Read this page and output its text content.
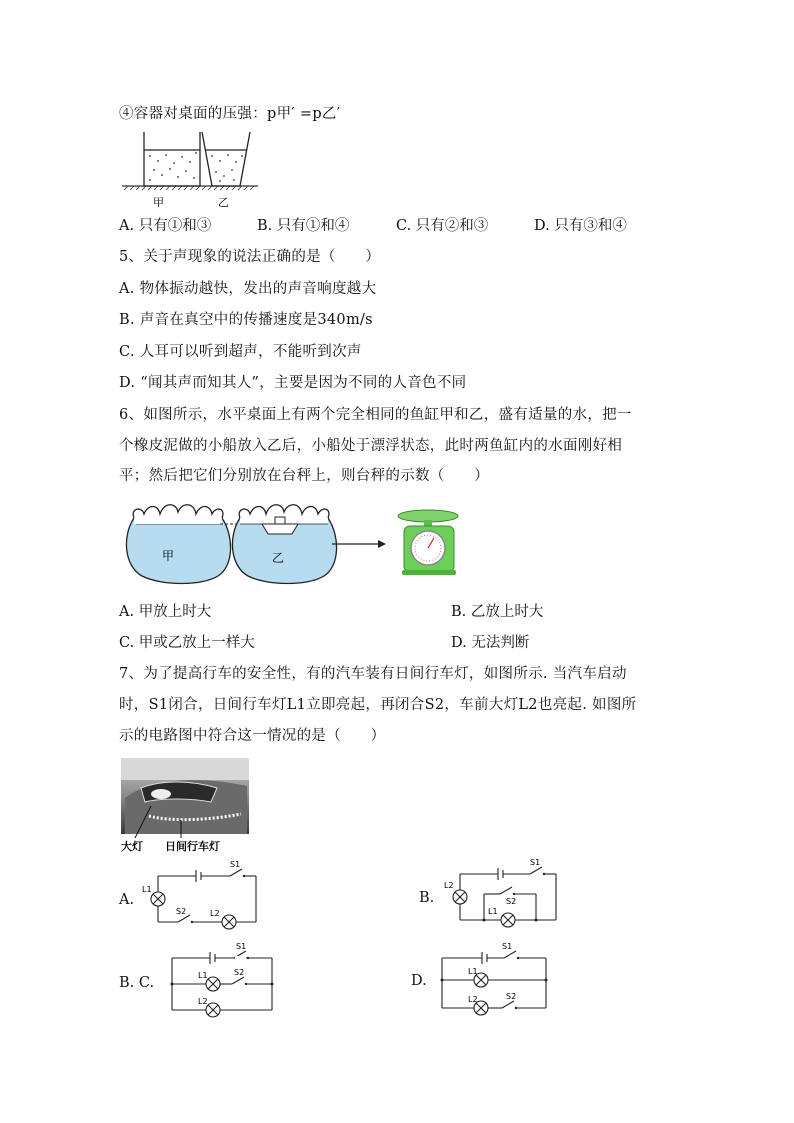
④容器对桌面的压强：p甲′ =p乙′
甲	乙
A. 只有①和③	B. 只有①和④	C. 只有②和③	D. 只有③和④
5、关于声现象的说法正确的是（　　）
A. 物体振动越快，发出的声音响度越大
B. 声音在真空中的传播速度是340m/s
C. 人耳可以听到超声，不能听到次声
D. “闻其声而知其人”，主要是因为不同的人音色不同
6、如图所示，水平桌面上有两个完全相同的鱼缸甲和乙，盛有适量的水，把一
个橡皮泥做的小船放入乙后，小船处于漂浮状态，此时两鱼缸内的水面刚好相
平；然后把它们分别放在台秤上，则台秤的示数（　　）
甲	乙
A. 甲放上时大	B. 乙放上时大
C. 甲或乙放上一样大	D. 无法判断
7、为了提高行车的安全性，有的汽车装有日间行车灯，如图所示. 当汽车启动
时，S1闭合，日间行车灯L1立即亮起，再闭合S2，车前大灯L2也亮起. 如图所
示的电路图中符合这一情况的是（　　）
大灯 日间行车灯
A.
S1
L1
S2	L2
B.
S1
L2
S2
L1
B. C.
S1
L1	S2
L2
D.
S1
L1
L2	S2
